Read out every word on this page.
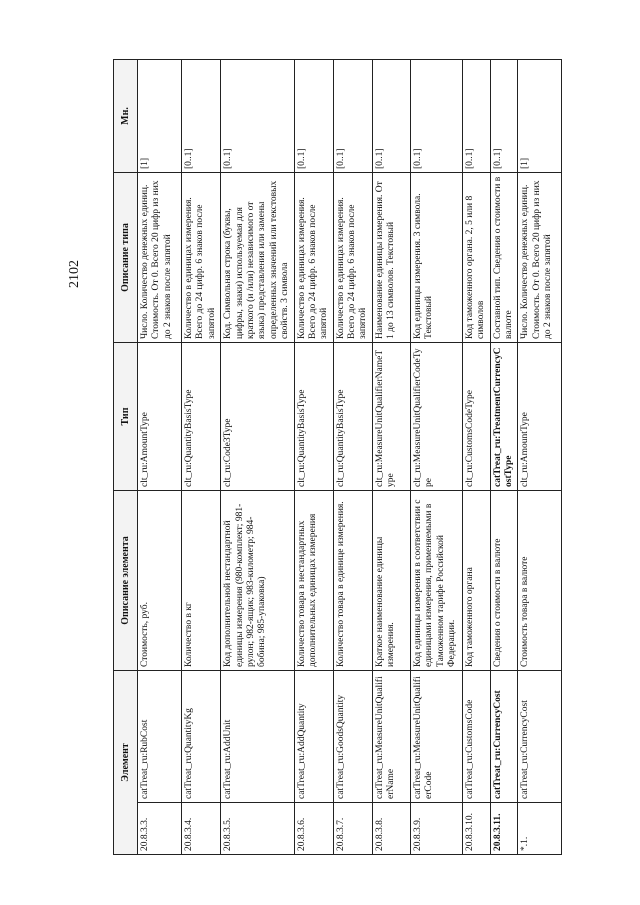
2102
Элемент		Описание элемента	Тип	Описание типа	Мн.
20.8.3.3.	catTreat_ru:RubCost	Стоимость, руб.	clt_ru:AmountType	Число. Количество денежных единиц. Стоимость. От 0. Всего 20 цифр из них до 2 знаков после запятой	[1]
20.8.3.4.	catTreat_ru:QuantityKg	Количество в кг	clt_ru:QuantityBasisType	Количество в единицах измерения. Всего до 24 цифр. 6 знаков после запятой	[0..1]
20.8.3.5.	catTreat_ru:AddUnit	Код дополнительной нестандартной единицы измерения (980-комплект; 981-рулон; 982-ящик; 983-километр; 984-бобина; 985-упаковка)	clt_ru:Code3Type	Код. Символьная строка (буквы, цифры, знаки) используемая для краткого (и /или) независимого от языка) представления или замены определенных значений или текстовых свойств. 3 символа	[0..1]
20.8.3.6.	catTreat_ru:AddQuantity	Количество товара в нестандартных дополнительных единицах измерения	clt_ru:QuantityBasisType	Количество в единицах измерения. Всего до 24 цифр. 6 знаков после запятой	[0..1]
20.8.3.7.	catTreat_ru:GoodsQuantity	Количество товара в единице измерения.	clt_ru:QuantityBasisType	Количество в единицах измерения. Всего до 24 цифр. 6 знаков после запятой	[0..1]
20.8.3.8.	catTreat_ru:MeasureUnitQualifierName	Краткое наименование единицы измерения.	clt_ru:MeasureUnitQualifierNameType	Наименование единицы измерения. От 1 до 13 символов. Текстовый	[0..1]
20.8.3.9.	catTreat_ru:MeasureUnitQualifierCode	Код единицы измерения в соответствии с единицами измерения, применяемыми в Таможенном тарифе Российской Федерации.	clt_ru:MeasureUnitQualifierCodeType	Код единицы измерения. 3 символа. Текстовый	[0..1]
20.8.3.10.	catTreat_ru:CustomsCode	Код таможенного органа	clt_ru:CustomsCodeType	Код таможенного органа. 2, 5 или 8 символов	[0..1]
20.8.3.11.	catTreat_ru:CurrencyCost	Сведения о стоимости в валюте	catTreat_ru:TreatmentCurrencyCostType	Составной тип. Сведения о стоимости в валюте	[0..1]
*.1.	catTreat_ru:CurrencyCost	Стоимость товара в валюте	clt_ru:AmountType	Число. Количество денежных единиц. Стоимость. От 0. Всего 20 цифр из них до 2 знаков после запятой	[1]
